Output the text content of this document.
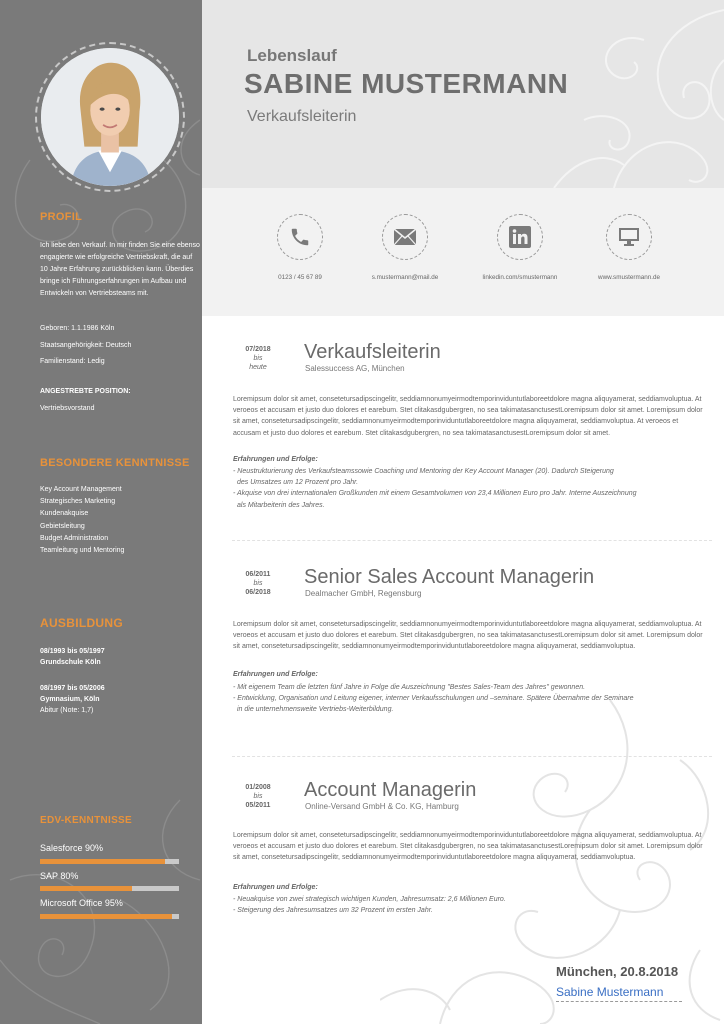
PROFIL
Ich liebe den Verkauf. In mir finden Sie eine ebenso engagierte wie erfolgreiche Vertriebskraft, die auf 10 Jahre Erfahrung zurückblicken kann. Überdies bringe ich Führungserfahrungen im Aufbau und Entwickeln von Vertriebsteams mit.
Geboren: 1.1.1986 Köln
Staatsangehörigkeit: Deutsch
Familienstand: Ledig
ANGESTREBTE POSITION:
Vertriebsvorstand
BESONDERE KENNTNISSE
Key Account Management
Strategisches Marketing
Kundenakquise
Gebietsleitung
Budget Administration
Teamleitung und Mentoring
AUSBILDUNG
08/1993 bis 05/1997
Grundschule Köln
08/1997 bis 05/2006
Gymnasium, Köln
Abitur (Note: 1,7)
EDV-KENNTNISSE
Salesforce 90%
SAP 80%
Microsoft Office 95%
Lebenslauf
SABINE MUSTERMANN
Verkaufsleiterin
0123 / 45 67 89	s.mustermann@mail.de	linkedin.com/smustermann	www.smustermann.de
07/2018
bis
heute
Verkaufsleiterin
Salessuccess AG, München
Loremipsum dolor sit amet, consetetursadipscingelitr, seddiamnonumyeirmodtemporinviduntutlaboreetdolore magna aliquyamerat, seddiamvoluptua. At veroeos et accusam et justo duo dolores et earebum. Stet clitakasdgubergren, no sea takimatasanctusestLoremipsum dolor sit amet. Loremipsum dolor sit amet, consetetursadipscingelitr, seddiamnonumyeirmodtemporinviduntutlaboreetdolore magna aliquyamerat, seddiamvoluptua. At veroeos et accusam et justo duo dolores et earebum. Stet clitakasdgubergren, no sea takimatasanctusestLoremipsum dolor sit amet.
Erfahrungen und Erfolge:
- Neustrukturierung des Verkaufsteamssowie Coaching und Mentoring der Key Account Manager (20). Dadurch Steigerung
des Umsatzes um 12 Prozent pro Jahr.
- Akquise von drei internationalen Großkunden mit einem Gesamtvolumen von 23,4 Millionen Euro pro Jahr. Interne Auszeichnung
als Mitarbeiterin des Jahres.
06/2011
bis
06/2018
Senior Sales Account Managerin
Dealmacher GmbH, Regensburg
Loremipsum dolor sit amet, consetetursadipscingelitr, seddiamnonumyeirmodtemporinviduntutlaboreetdolore magna aliquyamerat, seddiamvoluptua. At veroeos et accusam et justo duo dolores et earebum. Stet clitakasdgubergren, no sea takimatasanctusestLoremipsum dolor sit amet. Loremipsum dolor sit amet, consetetursadipscingelitr, seddiamnonumyeirmodtemporinviduntutlaboreetdolore magna aliquyamerat, seddiamvoluptua.
Erfahrungen und Erfolge:
- Mit eigenem Team die letzten fünf Jahre in Folge die Auszeichnung "Bestes Sales-Team des Jahres" gewonnen.
- Entwicklung, Organisation und Leitung eigener, interner Verkaufsschulungen und –seminare. Spätere Übernahme der Seminare
in die unternehmensweite Vertriebs-Weiterbildung.
01/2008
bis
05/2011
Account Managerin
Online-Versand GmbH & Co. KG, Hamburg
Loremipsum dolor sit amet, consetetursadipscingelitr, seddiamnonumyeirmodtemporinviduntutlaboreetdolore magna aliquyamerat, seddiamvoluptua. At veroeos et accusam et justo duo dolores et earebum. Stet clitakasdgubergren, no sea takimatasanctusestLoremipsum dolor sit amet. Loremipsum dolor sit amet, consetetursadipscingelitr, seddiamnonumyeirmodtemporinviduntutlaboreetdolore magna aliquyamerat, seddiamvoluptua.
Erfahrungen und Erfolge:
- Neuakquise von zwei strategisch wichtigen Kunden, Jahresumsatz: 2,6 Millionen Euro.
- Steigerung des Jahresumsatzes um 32 Prozent im ersten Jahr.
München, 20.8.2018
Sabine Mustermann
